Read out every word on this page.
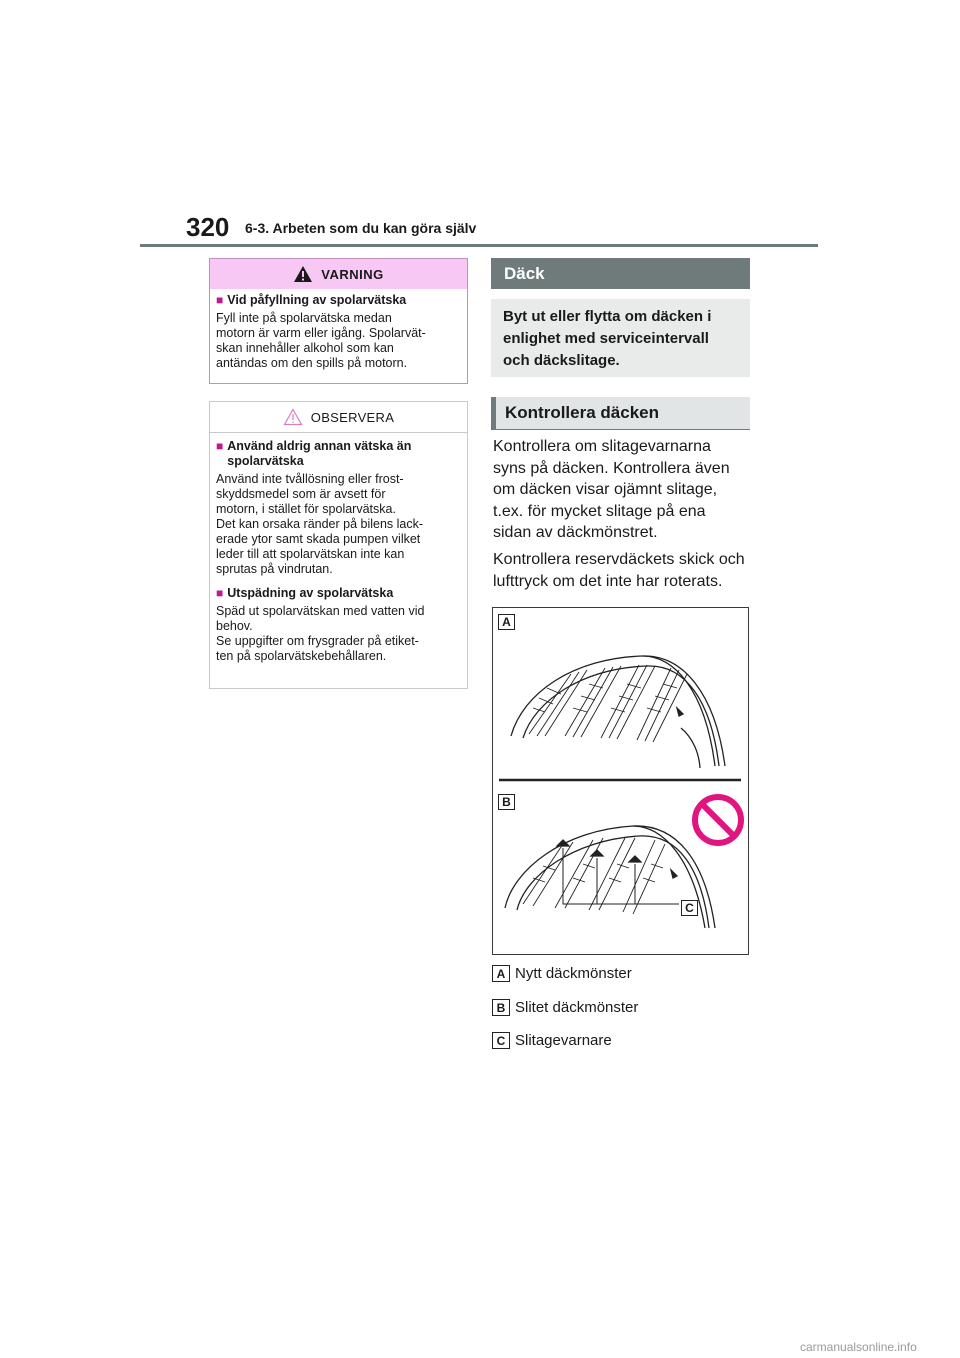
320 6-3. Arbeten som du kan göra själv
VARNING
■ Vid påfyllning av spolarvätska

Fyll inte på spolarvätska medan
motorn är varm eller igång. Spolarvät-
skan innehåller alkohol som kan
antändas om den spills på motorn.

OBSERVERA
■ Använd aldrig annan vätska än
spolarvätska

Använd inte tvållösning eller frost-
skyddsmedel som är avsett för
motorn, i stället för spolarvätska.
Det kan orsaka ränder på bilens lack-
erade ytor samt skada pumpen vilket
leder till att spolarvätskan inte kan
sprutas på vindrutan.

■ Utspädning av spolarvätska

Späd ut spolarvätskan med vatten vid
behov.
Se uppgifter om frysgrader på etiket-
ten på spolarvätskebehållaren.

Däck
Byt ut eller flytta om däcken i enlighet med serviceintervall och däckslitage.
Kontrollera däcken

Kontrollera om slitagevarnarna
syns på däcken. Kontrollera även
om däcken visar ojämnt slitage,
t.ex. för mycket slitage på ena
sidan av däckmönstret.

Kontrollera reservdäckets skick och
lufttryck om det inte har roterats.

A
B
C
A Nytt däckmönster
B Slitet däckmönster
C Slitagevarnare
carmanualsonline.info
